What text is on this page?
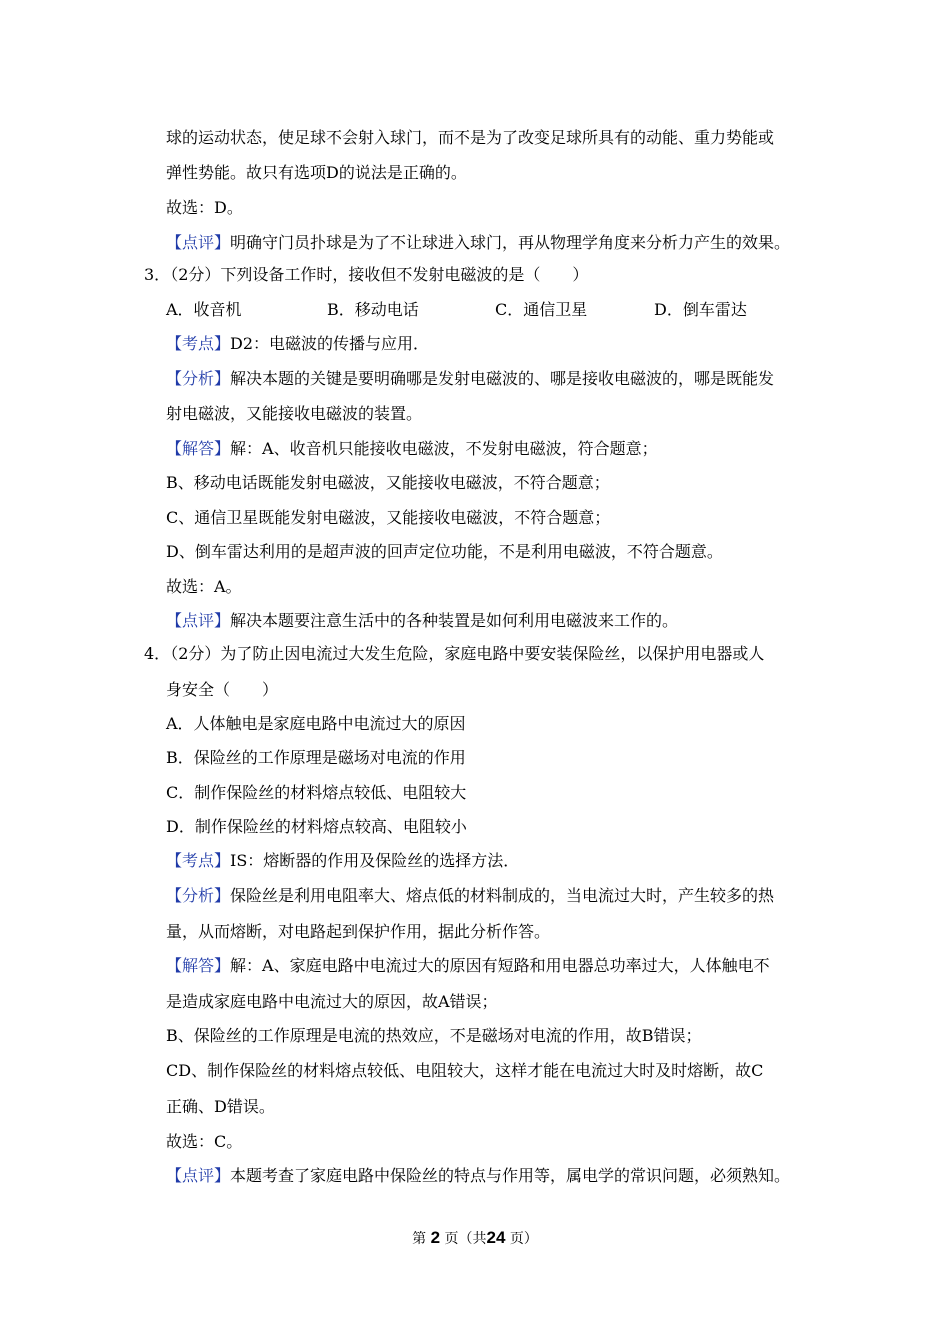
球的运动状态，使足球不会射入球门，而不是为了改变足球所具有的动能、重力势能或
弹性势能。故只有选项D的说法是正确的。
故选：D。
【点评】明确守门员扑球是为了不让球进入球门，再从物理学角度来分析力产生的效果。
3．（2分）下列设备工作时，接收但不发射电磁波的是（　　）
A．收音机	B．移动电话	C．通信卫星	D．倒车雷达
【考点】D2：电磁波的传播与应用．
【分析】解决本题的关键是要明确哪是发射电磁波的、哪是接收电磁波的，哪是既能发
射电磁波，又能接收电磁波的装置。
【解答】解：A、收音机只能接收电磁波，不发射电磁波，符合题意；
B、移动电话既能发射电磁波，又能接收电磁波，不符合题意；
C、通信卫星既能发射电磁波，又能接收电磁波，不符合题意；
D、倒车雷达利用的是超声波的回声定位功能，不是利用电磁波，不符合题意。
故选：A。
【点评】解决本题要注意生活中的各种装置是如何利用电磁波来工作的。
4．（2分）为了防止因电流过大发生危险，家庭电路中要安装保险丝，以保护用电器或人
身安全（　　）
A．人体触电是家庭电路中电流过大的原因
B．保险丝的工作原理是磁场对电流的作用
C．制作保险丝的材料熔点较低、电阻较大
D．制作保险丝的材料熔点较高、电阻较小
【考点】IS：熔断器的作用及保险丝的选择方法．
【分析】保险丝是利用电阻率大、熔点低的材料制成的，当电流过大时，产生较多的热
量，从而熔断，对电路起到保护作用，据此分析作答。
【解答】解：A、家庭电路中电流过大的原因有短路和用电器总功率过大，人体触电不
是造成家庭电路中电流过大的原因，故A错误；
B、保险丝的工作原理是电流的热效应，不是磁场对电流的作用，故B错误；
CD、制作保险丝的材料熔点较低、电阻较大，这样才能在电流过大时及时熔断，故C
正确、D错误。
故选：C。
【点评】本题考查了家庭电路中保险丝的特点与作用等，属电学的常识问题，必须熟知。
第 2 页（共24 页）
